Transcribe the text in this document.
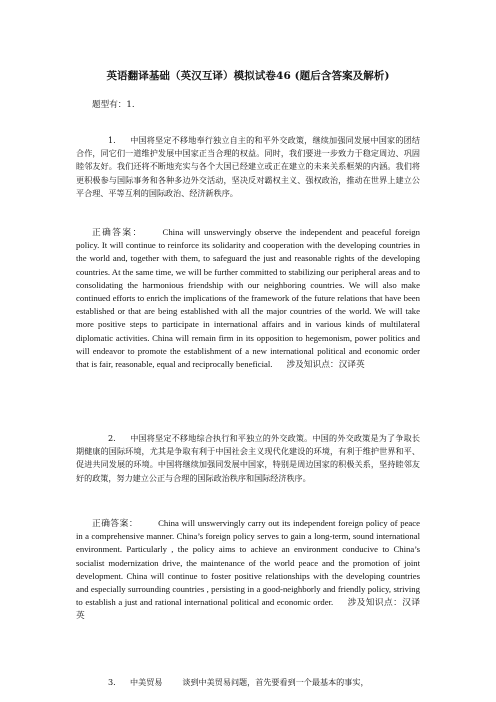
英语翻译基础（英汉互译）模拟试卷46 (题后含答案及解析)
题型有：1.
1. 中国将坚定不移地奉行独立自主的和平外交政策，继续加强同发展中国家的团结合作，同它们一道维护发展中国家正当合理的权益。同时，我们要进一步致力于稳定周边、巩固睦邻友好。我们还将不断地充实与各个大国已经建立或正在建立的未来关系框架的内涵。我们将更积极参与国际事务和各种多边外交活动，坚决反对霸权主义、强权政治，推动在世界上建立公平合理、平等互利的国际政治、经济新秩序。
正确答案： China will unswervingly observe the independent and peaceful foreign policy. It will continue to reinforce its solidarity and cooperation with the developing countries in the world and, together with them, to safeguard the just and reasonable rights of the developing countries. At the same time, we will be further committed to stabilizing our peripheral areas and to consolidating the harmonious friendship with our neighboring countries. We will also make continued efforts to enrich the implications of the framework of the future relations that have been established or that are being established with all the major countries of the world. We will take more positive steps to participate in international affairs and in various kinds of multilateral diplomatic activities. China will remain firm in its opposition to hegemonism, power politics and will endeavor to promote the establishment of a new international political and economic order that is fair, reasonable, equal and reciprocally beneficial. 涉及知识点：汉译英
2. 中国将坚定不移地综合执行和平独立的外交政策。中国的外交政策是为了争取长期健康的国际环境，尤其是争取有利于中国社会主义现代化建设的环境，有利于维护世界和平、促进共同发展的环境。中国将继续加强同发展中国家，特别是周边国家的积极关系，坚持睦邻友好的政策，努力建立公正与合理的国际政治秩序和国际经济秩序。
正确答案： China will unswervingly carry out its independent foreign policy of peace in a comprehensive manner. China’s foreign policy serves to gain a long-term, sound international environment. Particularly , the policy aims to achieve an environment conducive to China’s socialist modernization drive, the maintenance of the world peace and the promotion of joint development. China will continue to foster positive relationships with the developing countries and especially surrounding countries , persisting in a good-neighborly and friendly policy, striving to establish a just and rational international political and economic order. 涉及知识点：汉译英
3. 中美贸易 谈到中美贸易问题，首先要看到一个最基本的事实，
